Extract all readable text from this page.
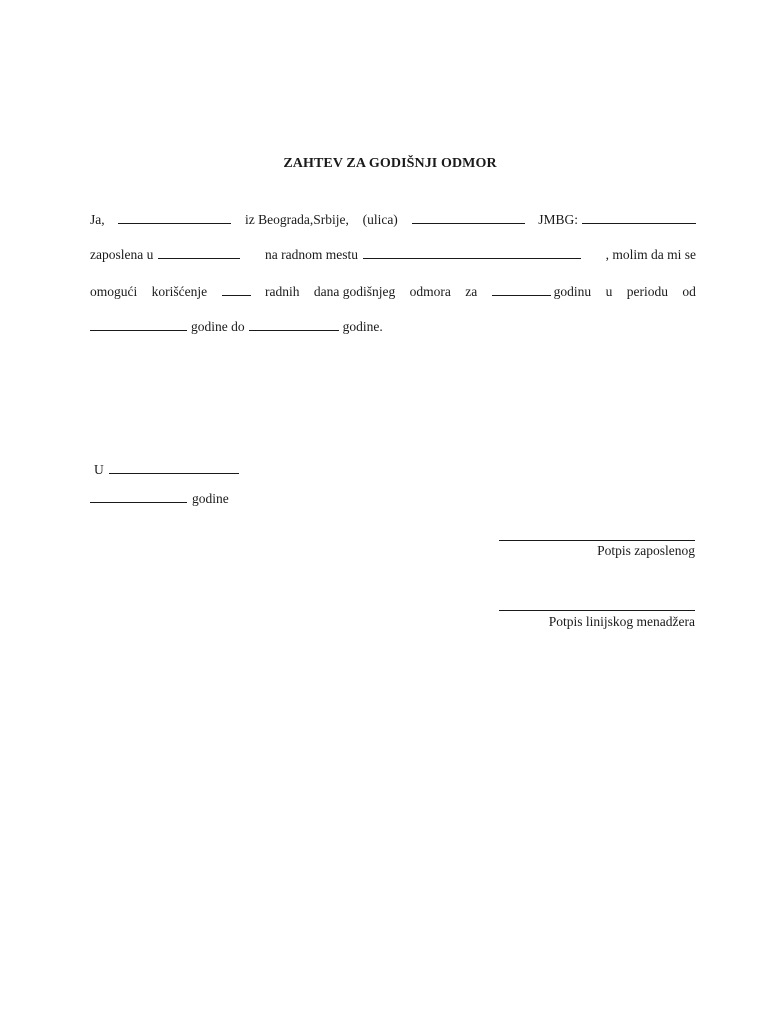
ZAHTEV ZA GODIŠNJI ODMOR
Ja,	iz Beograda,Srbije, (ulica)	JMBG:
zaposlena u	na radnom mestu	, molim da mi se
omogući korišćenje	radnih dana godišnjeg odmora za	godinu u periodu od
godine do	godine.
U
godine
Potpis zaposlenog
Potpis linijskog menadžera
